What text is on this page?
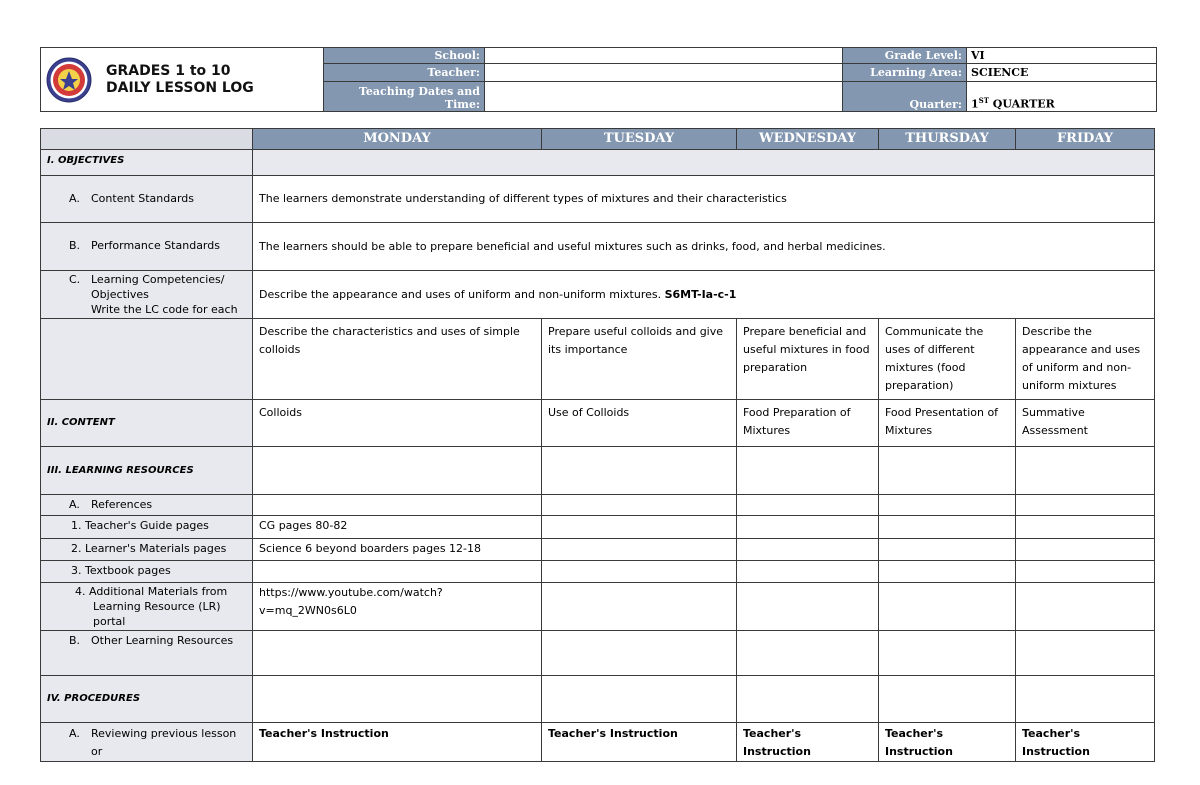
GRADES 1 to 10
DAILY LESSON LOG	School:		Grade Level:	VI
	Teacher:		Learning Area:	SCIENCE
	Teaching Dates and Time:		Quarter:	1ST QUARTER
	MONDAY	TUESDAY	WEDNESDAY	THURSDAY	FRIDAY
I. OBJECTIVES					

A. Content Standards	The learners demonstrate understanding of different types of mixtures and their characteristics				

B. Performance Standards	The learners should be able to prepare beneficial and useful mixtures such as drinks, food, and herbal medicines.				

C. Learning Competencies/
Objectives
Write the LC code for each	Describe the appearance and uses of uniform and non-uniform mixtures. S6MT-Ia-c-1				
	Describe the characteristics and uses of simple colloids	Prepare useful colloids and give its importance	Prepare beneficial and useful mixtures in food preparation	Communicate the uses of different mixtures (food preparation)	Describe the appearance and uses of uniform and non-uniform mixtures
II. CONTENT	Colloids	Use of Colloids	Food Preparation of Mixtures	Food Presentation of Mixtures	Summative Assessment
III. LEARNING RESOURCES					

A. References					

1. Teacher's Guide pages	CG pages 80-82				
2. Learner's Materials pages	Science 6 beyond boarders pages 12-18				
3. Textbook pages					

4. Additional Materials from
Learning Resource (LR)
portal	https://www.youtube.com/watch?v=mq_2WN0s6L0				

B. Other Learning Resources					

IV. PROCEDURES					

A. Reviewing previous lesson or	Teacher's Instruction	Teacher's Instruction	Teacher's Instruction	Teacher's Instruction	Teacher's Instruction
